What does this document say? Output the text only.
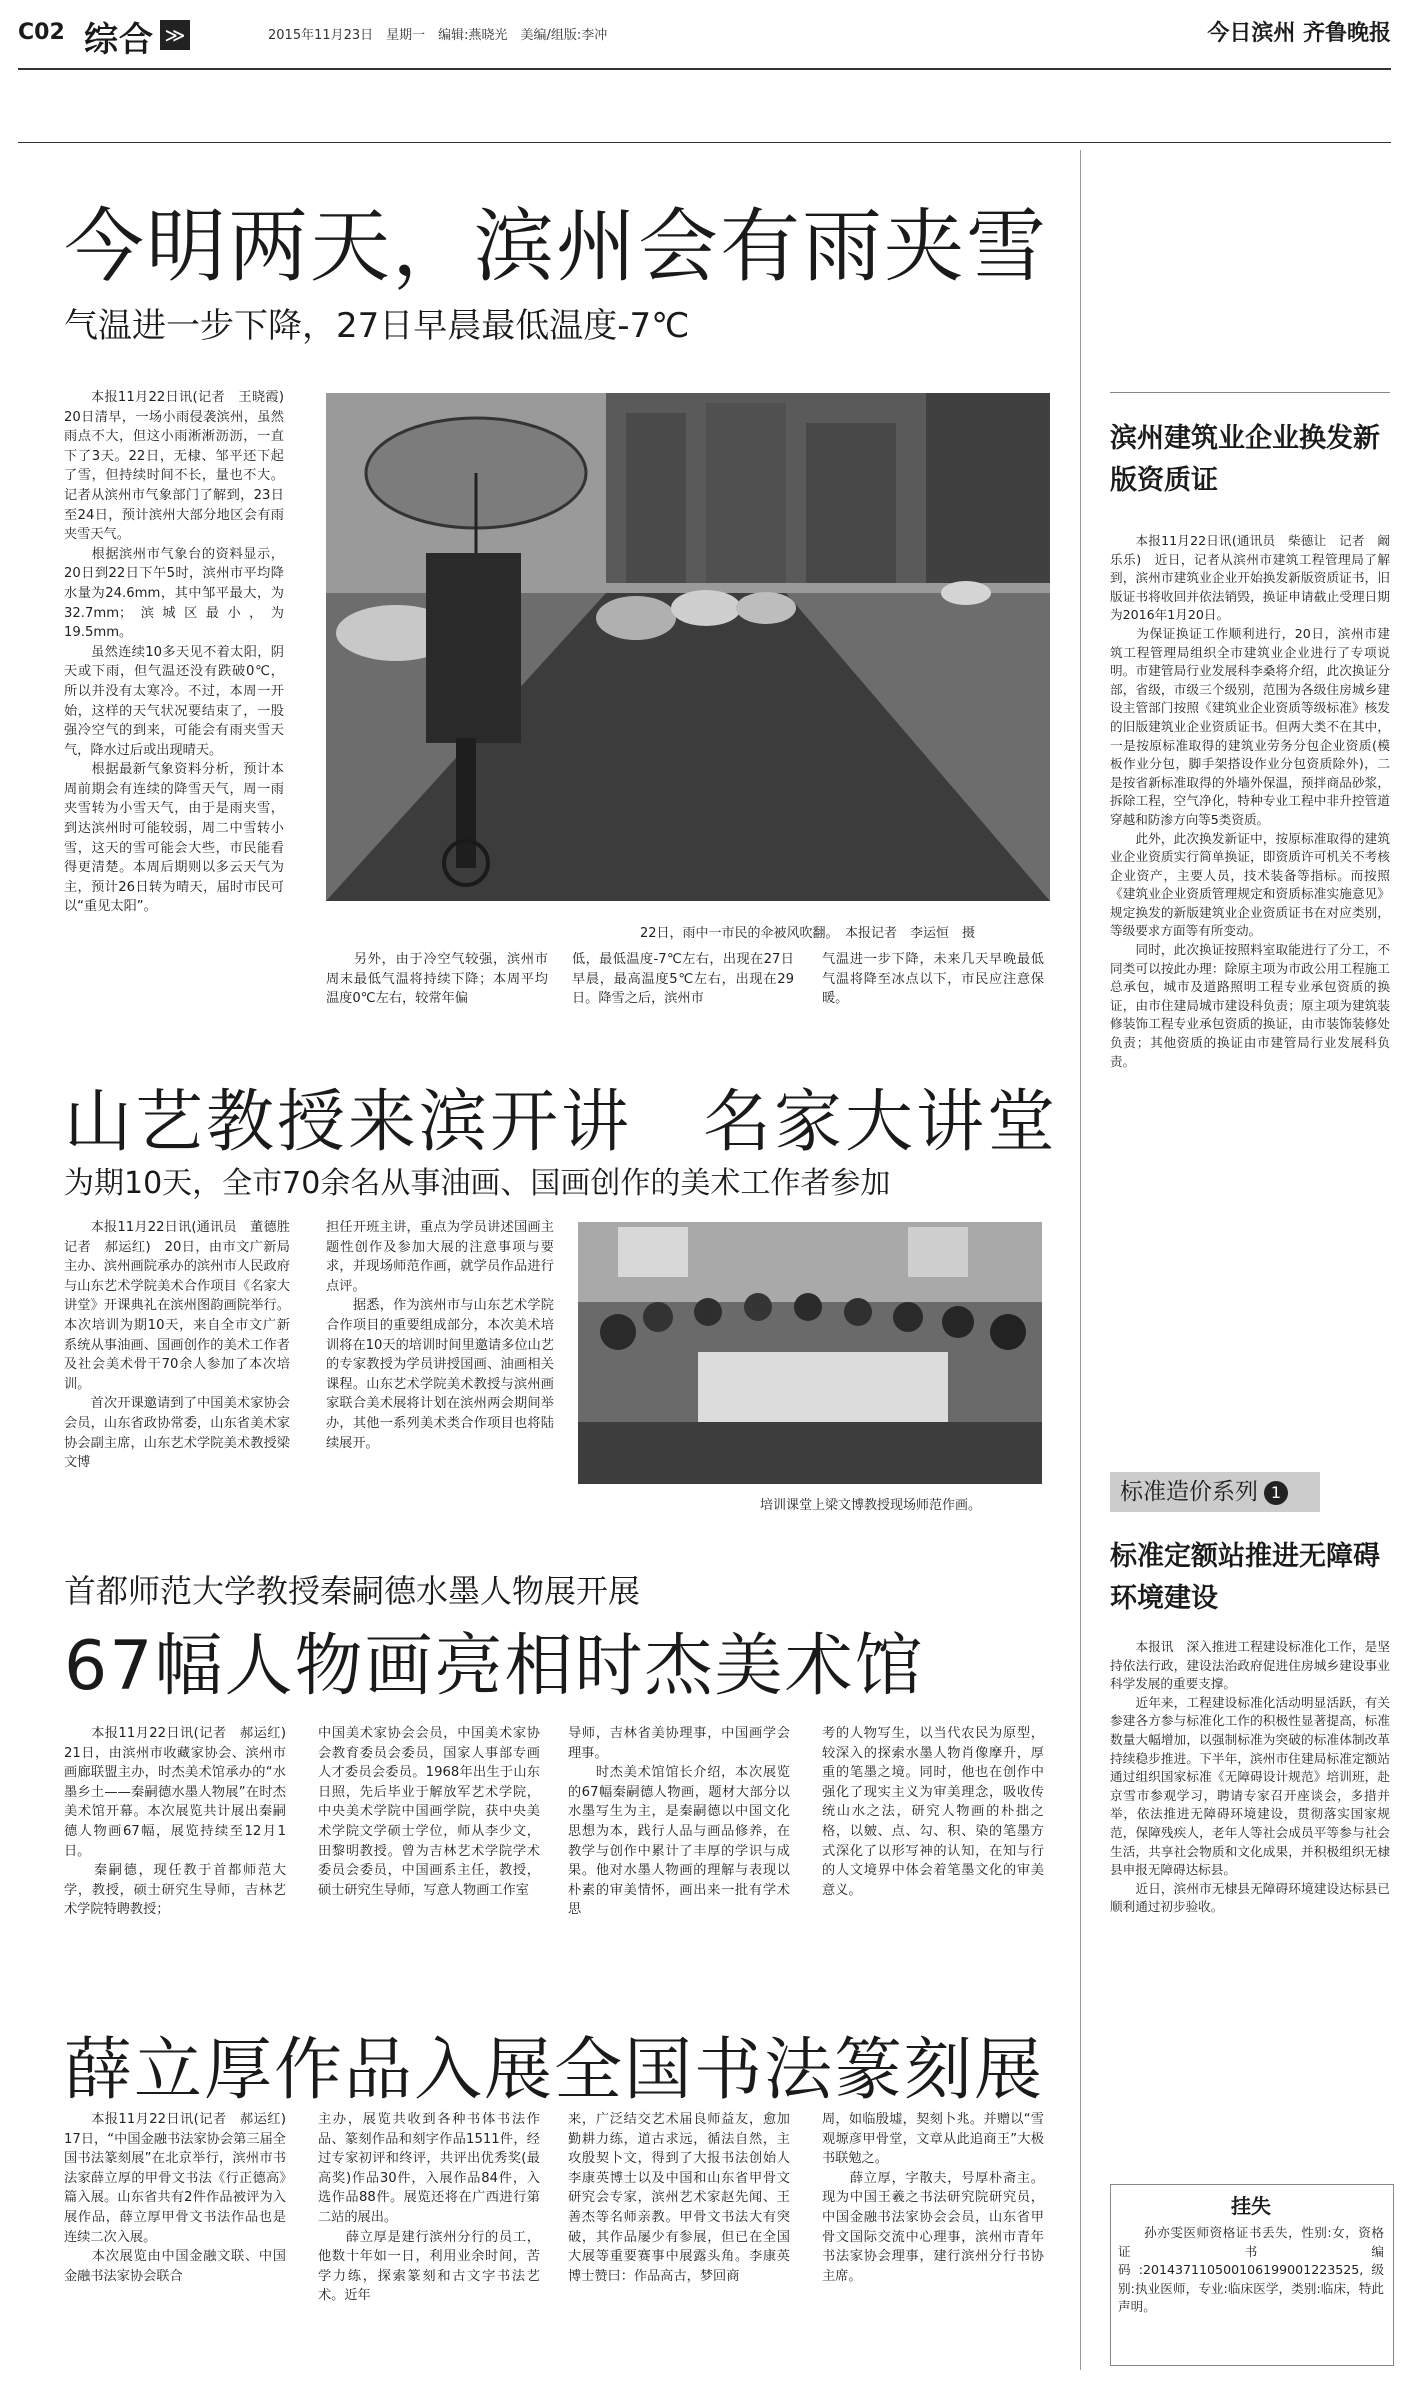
C02 综合 ≫	2015年11月23日　星期一　编辑:燕晓光　美编/组版:李冲	今日滨州 齐鲁晚报
今明两天，滨州会有雨夹雪
气温进一步下降，27日早晨最低温度-7℃
　　本报11月22日讯(记者　王晓霞)　20日清早，一场小雨侵袭滨州，虽然雨点不大，但这小雨淅淅沥沥，一直下了3天。22日，无棣、邹平还下起了雪，但持续时间不长，量也不大。记者从滨州市气象部门了解到，23日至24日，预计滨州大部分地区会有雨夹雪天气。
　　根据滨州市气象台的资料显示，20日到22日下午5时，滨州市平均降水量为24.6mm，其中邹平最大，为32.7mm；滨城区最小，为19.5mm。
　　虽然连续10多天见不着太阳，阴天或下雨，但气温还没有跌破0℃，所以并没有太寒冷。不过，本周一开始，这样的天气状况要结束了，一股强冷空气的到来，可能会有雨夹雪天气，降水过后或出现晴天。
　　根据最新气象资料分析，预计本周前期会有连续的降雪天气，周一雨夹雪转为小雪天气，由于是雨夹雪，到达滨州时可能较弱，周二中雪转小雪，这天的雪可能会大些，市民能看得更清楚。本周后期则以多云天气为主，预计26日转为晴天，届时市民可以“重见太阳”。
22日，雨中一市民的伞被风吹翻。　本报记者　李运恒　摄
　　另外，由于冷空气较强，滨州市周末最低气温将持续下降；本周平均温度0℃左右，较常年偏
低，最低温度-7℃左右，出现在27日早晨，最高温度5℃左右，出现在29日。降雪之后，滨州市
气温进一步下降，未来几天早晚最低气温将降至冰点以下，市民应注意保暖。
山艺教授来滨开讲　名家大讲堂
为期10天，全市70余名从事油画、国画创作的美术工作者参加
　　本报11月22日讯(通讯员　董德胜　记者　郝运红)　20日，由市文广新局主办、滨州画院承办的滨州市人民政府与山东艺术学院美术合作项目《名家大讲堂》开课典礼在滨州图韵画院举行。本次培训为期10天，来自全市文广新系统从事油画、国画创作的美术工作者及社会美术骨干70余人参加了本次培训。
　　首次开课邀请到了中国美术家协会会员，山东省政协常委，山东省美术家协会副主席，山东艺术学院美术教授梁文博
担任开班主讲，重点为学员讲述国画主题性创作及参加大展的注意事项与要求，并现场师范作画，就学员作品进行点评。
　　据悉，作为滨州市与山东艺术学院合作项目的重要组成部分，本次美术培训将在10天的培训时间里邀请多位山艺的专家教授为学员讲授国画、油画相关课程。山东艺术学院美术教授与滨州画家联合美术展将计划在滨州两会期间举办，其他一系列美术类合作项目也将陆续展开。
培训课堂上梁文博教授现场师范作画。
首都师范大学教授秦嗣德水墨人物展开展
67幅人物画亮相时杰美术馆
　　本报11月22日讯(记者　郝运红)　21日，由滨州市收藏家协会、滨州市画廊联盟主办，时杰美术馆承办的“水墨乡土——秦嗣德水墨人物展”在时杰美术馆开幕。本次展览共计展出秦嗣德人物画67幅，展览持续至12月1日。
　　秦嗣德，现任教于首都师范大学，教授，硕士研究生导师，吉林艺术学院特聘教授；
中国美术家协会会员，中国美术家协会教育委员会委员，国家人事部专画人才委员会委员。1968年出生于山东日照，先后毕业于解放军艺术学院，中央美术学院中国画学院，获中央美术学院文学硕士学位，师从李少文，田黎明教授。曾为吉林艺术学院学术委员会委员，中国画系主任，教授，硕士研究生导师，写意人物画工作室
导师，吉林省美协理事，中国画学会理事。
　　时杰美术馆馆长介绍，本次展览的67幅秦嗣德人物画，题材大部分以水墨写生为主，是秦嗣德以中国文化思想为本，践行人品与画品修养，在教学与创作中累计了丰厚的学识与成果。他对水墨人物画的理解与表现以朴素的审美情怀，画出来一批有学术思
考的人物写生，以当代农民为原型，较深入的探索水墨人物肖像摩升，厚重的笔墨之境。同时，他也在创作中强化了现实主义为审美理念，吸收传统山水之法，研究人物画的朴拙之格，以皴、点、勾、积、染的笔墨方式深化了以形写神的认知，在知与行的人文境界中体会着笔墨文化的审美意义。
薛立厚作品入展全国书法篆刻展
　　本报11月22日讯(记者　郝运红)　17日，“中国金融书法家协会第三届全国书法篆刻展”在北京举行，滨州市书法家薛立厚的甲骨文书法《行正德高》篇入展。山东省共有2件作品被评为入展作品，薛立厚甲骨文书法作品也是连续二次入展。
　　本次展览由中国金融文联、中国金融书法家协会联合
主办，展览共收到各种书体书法作品、篆刻作品和刻字作品1511件，经过专家初评和终评，共评出优秀奖(最高奖)作品30件，入展作品84件，入选作品88件。展览还将在广西进行第二站的展出。
　　薛立厚是建行滨州分行的员工，他数十年如一日，利用业余时间，苦学力练，探索篆刻和古文字书法艺术。近年
来，广泛结交艺术届良师益友，愈加勤耕力练，道古求远，循法自然，主攻殷契卜文，得到了大报书法创始人李康英博士以及中国和山东省甲骨文研究会专家，滨州艺术家赵先闻、王善杰等名师亲教。甲骨文书法大有突破，其作品屡少有参展，但已在全国大展等重要赛事中展露头角。李康英博士赞曰：作品高古，梦回商
周，如临殷墟，契刻卜兆。并赠以“雪观塬彦甲骨堂，文章从此追商王”大极书联勉之。
　　薛立厚，字散夫，号厚朴斋主。现为中国王羲之书法研究院研究员，中国金融书法家协会会员，山东省甲骨文国际交流中心理事，滨州市青年书法家协会理事，建行滨州分行书协主席。
滨州建筑业企业换发新版资质证
　　本报11月22日讯(通讯员　柴德让　记者　阚乐乐)　近日，记者从滨州市建筑工程管理局了解到，滨州市建筑业企业开始换发新版资质证书，旧版证书将收回并依法销毁，换证申请截止受理日期为2016年1月20日。
　　为保证换证工作顺利进行，20日，滨州市建筑工程管理局组织全市建筑业企业进行了专项说明。市建管局行业发展科李桑将介绍，此次换证分部，省级，市级三个级别，范围为各级住房城乡建设主管部门按照《建筑业企业资质等级标准》核发的旧版建筑业企业资质证书。但两大类不在其中，一是按原标准取得的建筑业劳务分包企业资质(模板作业分包，脚手架搭设作业分包资质除外)，二是按省新标准取得的外墙外保温，预拌商品砂浆，拆除工程，空气净化，特种专业工程中非升控管道穿越和防渗方向等5类资质。
　　此外，此次换发新证中，按原标准取得的建筑业企业资质实行简单换证，即资质许可机关不考核企业资产，主要人员，技术装备等指标。而按照《建筑业企业资质管理规定和资质标准实施意见》规定换发的新版建筑业企业资质证书在对应类别，等级要求方面等有所变动。
　　同时，此次换证按照料室取能进行了分工，不同类可以按此办理：除原主项为市政公用工程施工总承包，城市及道路照明工程专业承包资质的换证，由市住建局城市建设科负责；原主项为建筑装修装饰工程专业承包资质的换证，由市装饰装修处负责；其他资质的换证由市建管局行业发展科负责。
标准造价系列 1
标准定额站推进无障碍环境建设
　　本报讯　深入推进工程建设标准化工作，是坚持依法行政，建设法治政府促进住房城乡建设事业科学发展的重要支撑。
　　近年来，工程建设标准化活动明显活跃，有关参建各方参与标准化工作的积极性显著提高，标准数量大幅增加，以强制标准为突破的标准体制改革持续稳步推进。下半年，滨州市住建局标准定额站通过组织国家标准《无障碍设计规范》培训班，赴京雪市参观学习，聘请专家召开座谈会，多措并举，依法推进无障碍环境建设，贯彻落实国家规范，保障残疾人，老年人等社会成员平等参与社会生活，共享社会物质和文化成果，并积极组织无棣县申报无障碍达标县。
　　近日，滨州市无棣县无障碍环境建设达标县已顺利通过初步验收。
挂失
　　孙亦雯医师资格证书丢失，性别:女，资格证书编码:201437110500106199001223525,级别:执业医师，专业:临床医学，类别:临床，特此声明。
